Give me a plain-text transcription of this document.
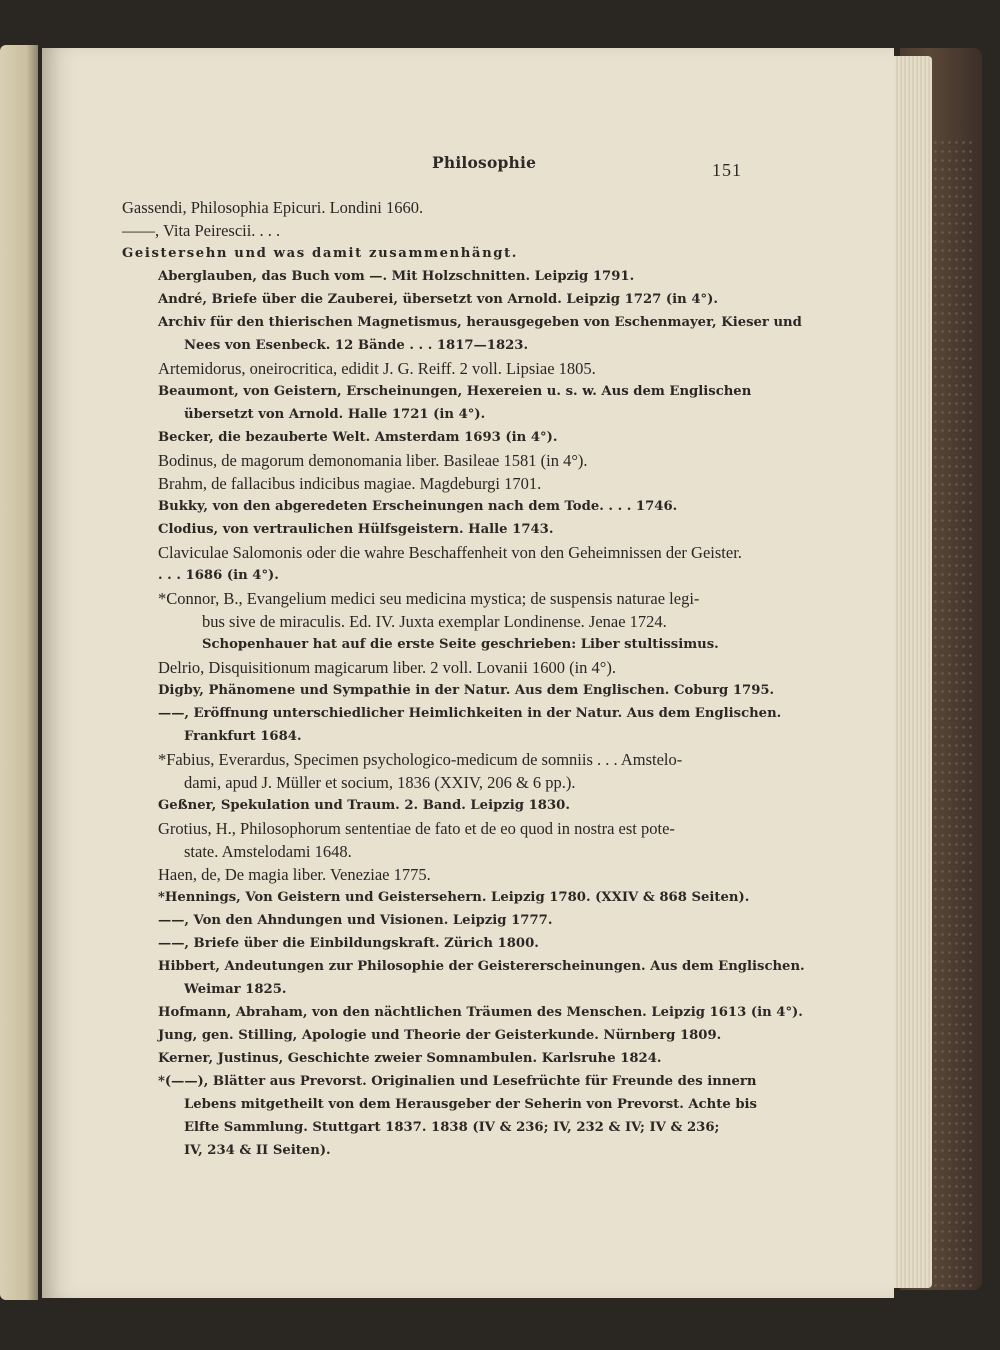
Philosophie	151
Gassendi, Philosophia Epicuri. Londini 1660.
——, Vita Peirescii. . . .
Geistersehn und was damit zusammenhängt.
Aberglauben, das Buch vom —. Mit Holzschnitten. Leipzig 1791.
André, Briefe über die Zauberei, übersetzt von Arnold. Leipzig 1727 (in 4°).
Archiv für den thierischen Magnetismus, herausgegeben von Eschenmayer, Kieser und
Nees von Esenbeck. 12 Bände . . . 1817—1823.
Artemidorus, oneirocritica, edidit J. G. Reiff. 2 voll. Lipsiae 1805.
Beaumont, von Geistern, Erscheinungen, Hexereien u. s. w. Aus dem Englischen
übersetzt von Arnold. Halle 1721 (in 4°).
Becker, die bezauberte Welt. Amsterdam 1693 (in 4°).
Bodinus, de magorum demonomania liber. Basileae 1581 (in 4°).
Brahm, de fallacibus indicibus magiae. Magdeburgi 1701.
Bukky, von den abgeredeten Erscheinungen nach dem Tode. . . . 1746.
Clodius, von vertraulichen Hülfsgeistern. Halle 1743.
Claviculae Salomonis oder die wahre Beschaffenheit von den Geheimnissen der Geister.
. . . 1686 (in 4°).
*Connor, B., Evangelium medici seu medicina mystica; de suspensis naturae legi-
bus sive de miraculis. Ed. IV. Juxta exemplar Londinense. Jenae 1724.
Schopenhauer hat auf die erste Seite geschrieben: Liber stultissimus.
Delrio, Disquisitionum magicarum liber. 2 voll. Lovanii 1600 (in 4°).
Digby, Phänomene und Sympathie in der Natur. Aus dem Englischen. Coburg 1795.
——, Eröffnung unterschiedlicher Heimlichkeiten in der Natur. Aus dem Englischen.
Frankfurt 1684.
*Fabius, Everardus, Specimen psychologico-medicum de somniis . . . Amstelo-
dami, apud J. Müller et socium, 1836 (XXIV, 206 & 6 pp.).
Geßner, Spekulation und Traum. 2. Band. Leipzig 1830.
Grotius, H., Philosophorum sententiae de fato et de eo quod in nostra est pote-
state. Amstelodami 1648.
Haen, de, De magia liber. Veneziae 1775.
*Hennings, Von Geistern und Geistersehern. Leipzig 1780. (XXIV & 868 Seiten).
——, Von den Ahndungen und Visionen. Leipzig 1777.
——, Briefe über die Einbildungskraft. Zürich 1800.
Hibbert, Andeutungen zur Philosophie der Geistererscheinungen. Aus dem Englischen.
Weimar 1825.
Hofmann, Abraham, von den nächtlichen Träumen des Menschen. Leipzig 1613 (in 4°).
Jung, gen. Stilling, Apologie und Theorie der Geisterkunde. Nürnberg 1809.
Kerner, Justinus, Geschichte zweier Somnambulen. Karlsruhe 1824.
*(——), Blätter aus Prevorst. Originalien und Lesefrüchte für Freunde des innern
Lebens mitgetheilt von dem Herausgeber der Seherin von Prevorst. Achte bis
Elfte Sammlung. Stuttgart 1837. 1838 (IV & 236; IV, 232 & IV; IV & 236;
IV, 234 & II Seiten).
